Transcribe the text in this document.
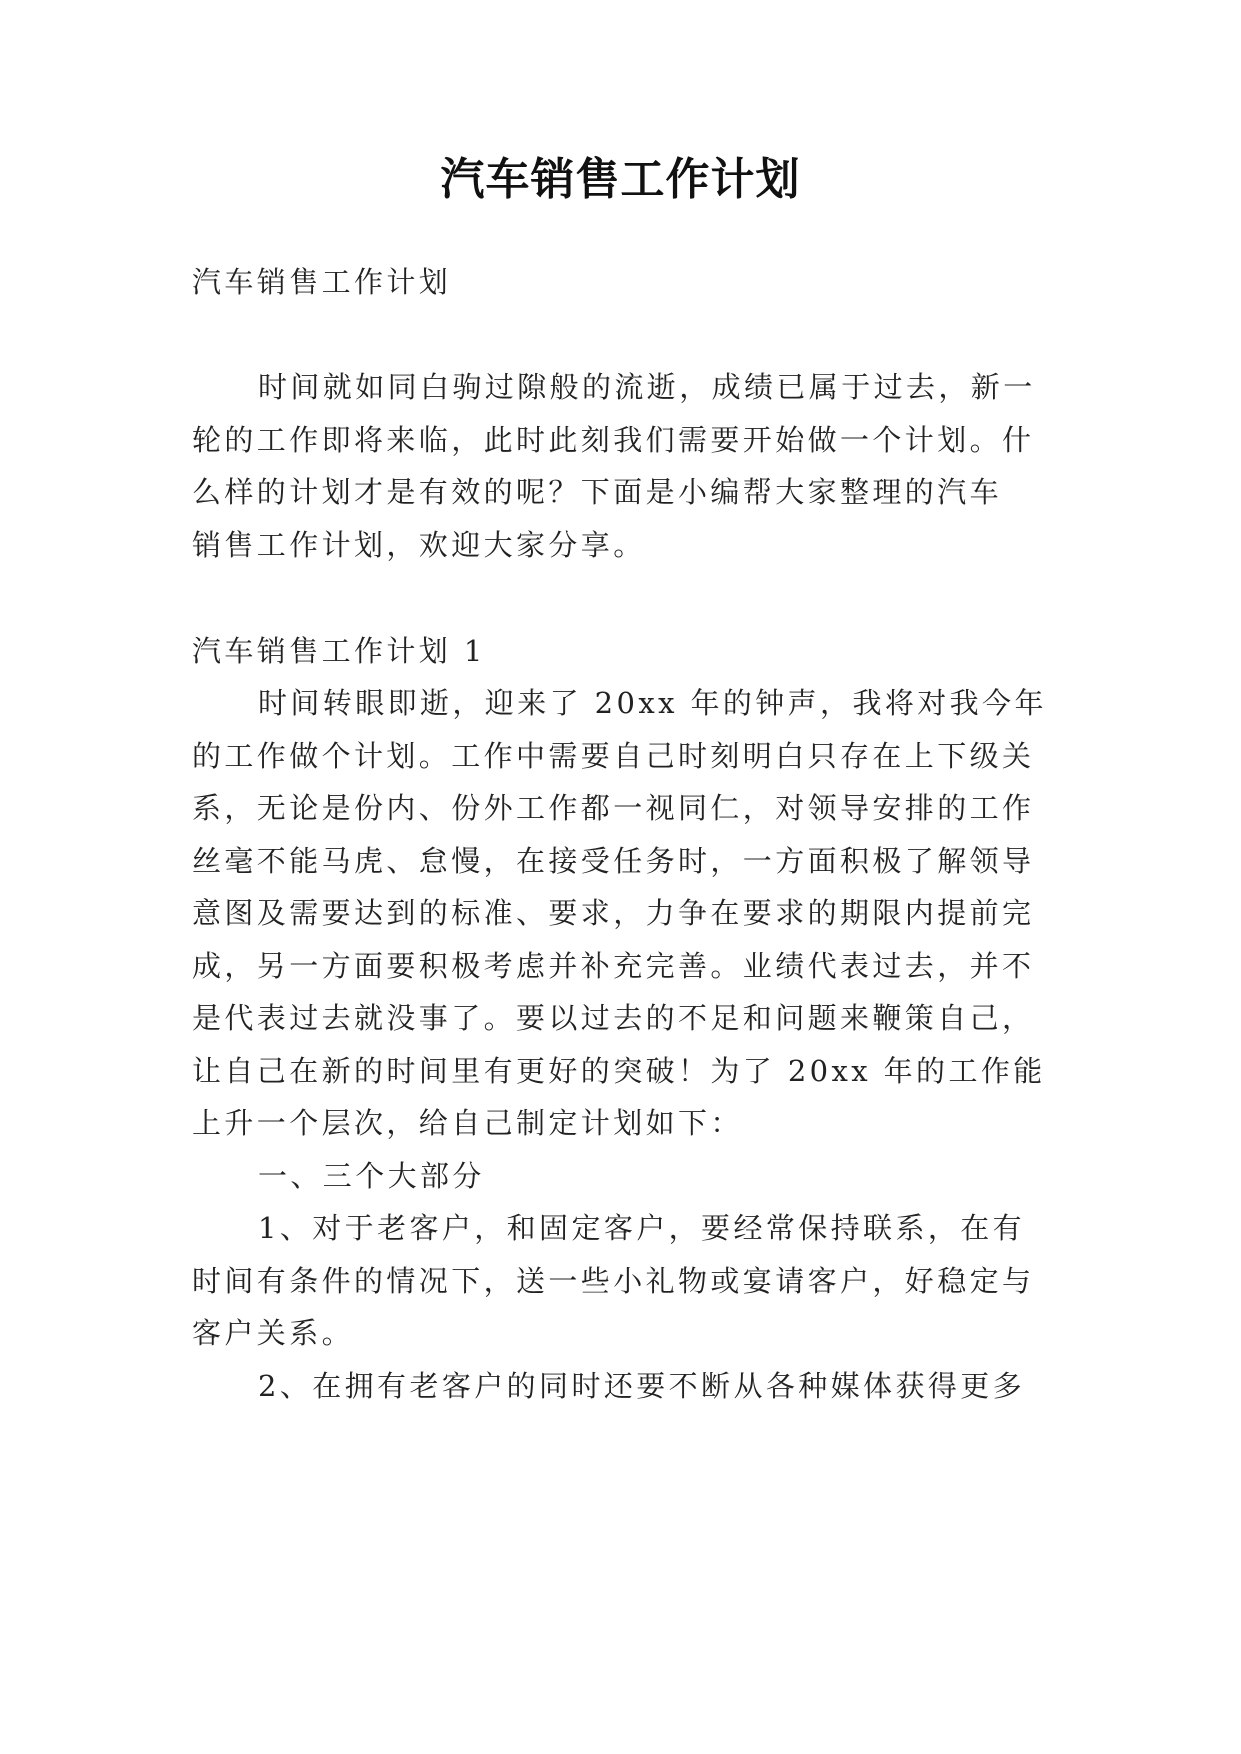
汽车销售工作计划
汽车销售工作计划
时间就如同白驹过隙般的流逝，成绩已属于过去，新一
轮的工作即将来临，此时此刻我们需要开始做一个计划。什
么样的计划才是有效的呢？下面是小编帮大家整理的汽车
销售工作计划，欢迎大家分享。
汽车销售工作计划 1
时间转眼即逝，迎来了 20xx 年的钟声，我将对我今年
的工作做个计划。工作中需要自己时刻明白只存在上下级关
系，无论是份内、份外工作都一视同仁，对领导安排的工作
丝毫不能马虎、怠慢，在接受任务时，一方面积极了解领导
意图及需要达到的标准、要求，力争在要求的期限内提前完
成，另一方面要积极考虑并补充完善。业绩代表过去，并不
是代表过去就没事了。要以过去的不足和问题来鞭策自己，
让自己在新的时间里有更好的突破！为了 20xx 年的工作能
上升一个层次，给自己制定计划如下：
一、三个大部分
1、对于老客户，和固定客户，要经常保持联系，在有
时间有条件的情况下，送一些小礼物或宴请客户，好稳定与
客户关系。
2、在拥有老客户的同时还要不断从各种媒体获得更多
